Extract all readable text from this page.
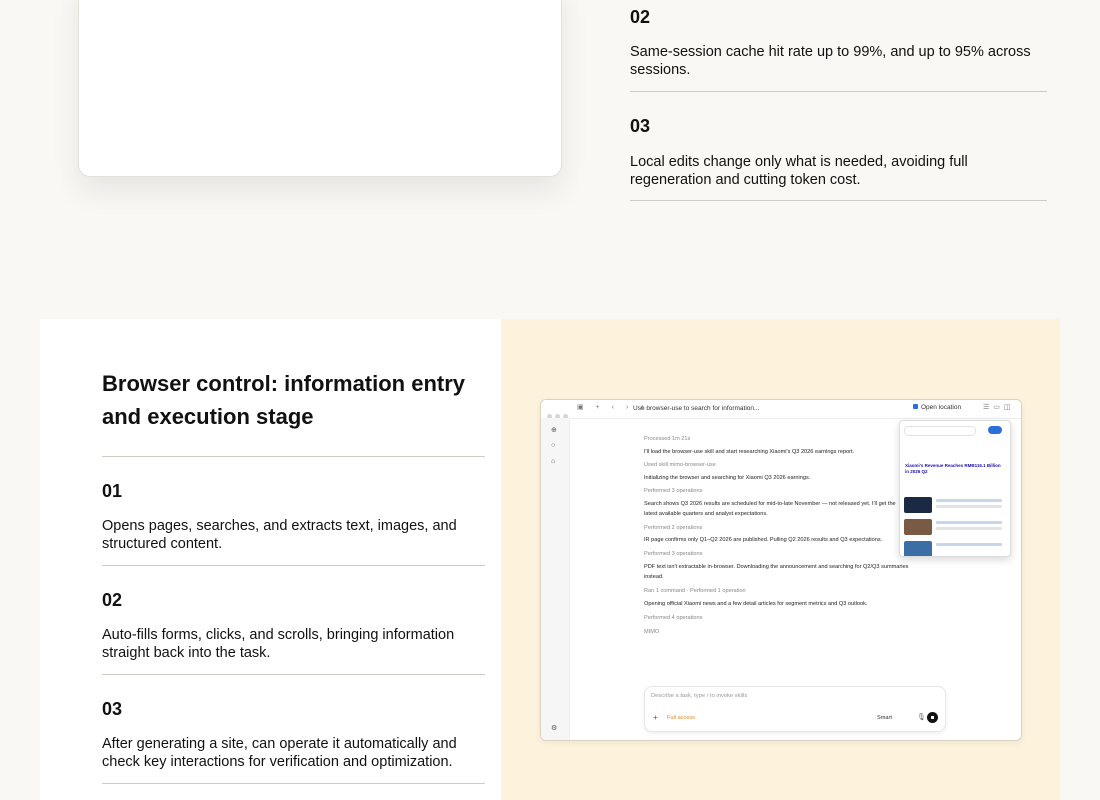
02
Same-session cache hit rate up to 99%, and up to 95% across sessions.
03
Local edits change only what is needed, avoiding full regeneration and cutting token cost.
Browser control: information entry and execution stage
01
Opens pages, searches, and extracts text, images, and structured content.
02
Auto-fills forms, clicks, and scrolls, bringing information straight back into the task.
03
After generating a site, can operate it automatically and check key interactions for verification and optimization.
▣ + ‹ › ⌕
Use browser-use to search for information...	Open location	☰▭◫
⊕
○
⌂
⚙
Processed 1m 21s
I'll load the browser-use skill and start researching Xiaomi's Q3 2026 earnings report.
Used skill mimo-browser-use
Initializing the browser and searching for Xiaomi Q3 2026 earnings.
Performed 3 operations
Search shows Q3 2026 results are scheduled for mid-to-late November — not released yet. I'll get the
latest available quarters and analyst expectations.
Performed 2 operations
IR page confirms only Q1–Q2 2026 are published. Pulling Q2 2026 results and Q3 expectations.
Performed 3 operations
PDF text isn't extractable in-browser. Downloading the announcement and searching for Q2/Q3 summaries
instead.
Ran 1 command · Performed 1 operation
Opening official Xiaomi news and a few detail articles for segment metrics and Q3 outlook.
Performed 4 operations
MIMO
Xiaomi's Revenue Reaches RMB116.1 Billion in 2026 Q2
Describe a task, type / to invoke skills
+ Full access	Smart	🎙
